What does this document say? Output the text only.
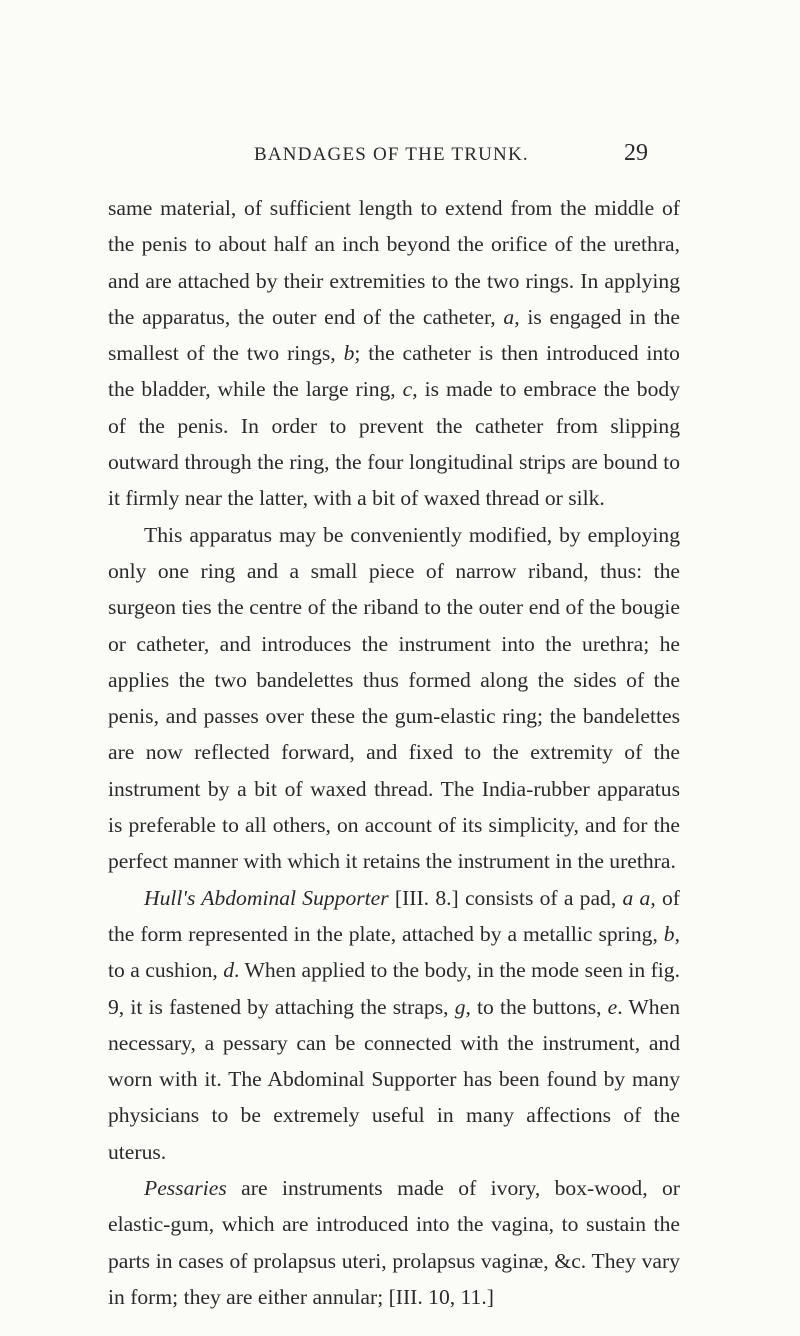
BANDAGES OF THE TRUNK.	29

same material, of sufficient length to extend from the middle of the penis to about half an inch beyond the orifice of the urethra, and are attached by their extremities to the two rings. In applying the apparatus, the outer end of the catheter, a, is engaged in the smallest of the two rings, b; the catheter is then introduced into the bladder, while the large ring, c, is made to embrace the body of the penis. In order to prevent the catheter from slipping outward through the ring, the four longitudinal strips are bound to it firmly near the latter, with a bit of waxed thread or silk.

This apparatus may be conveniently modified, by employing only one ring and a small piece of narrow riband, thus: the surgeon ties the centre of the riband to the outer end of the bougie or catheter, and introduces the instrument into the urethra; he applies the two bandelettes thus formed along the sides of the penis, and passes over these the gum-elastic ring; the bandelettes are now reflected forward, and fixed to the extremity of the instrument by a bit of waxed thread. The India-rubber apparatus is preferable to all others, on account of its simplicity, and for the perfect manner with which it retains the instrument in the urethra.

Hull's Abdominal Supporter [III. 8.] consists of a pad, a a, of the form represented in the plate, attached by a metallic spring, b, to a cushion, d. When applied to the body, in the mode seen in fig. 9, it is fastened by attaching the straps, g, to the buttons, e. When necessary, a pessary can be connected with the instrument, and worn with it. The Abdominal Supporter has been found by many physicians to be extremely useful in many affections of the uterus.

Pessaries are instruments made of ivory, box-wood, or elastic-gum, which are introduced into the vagina, to sustain the parts in cases of prolapsus uteri, prolapsus vaginæ, &c. They vary in form; they are either annular; [III. 10, 11.]
